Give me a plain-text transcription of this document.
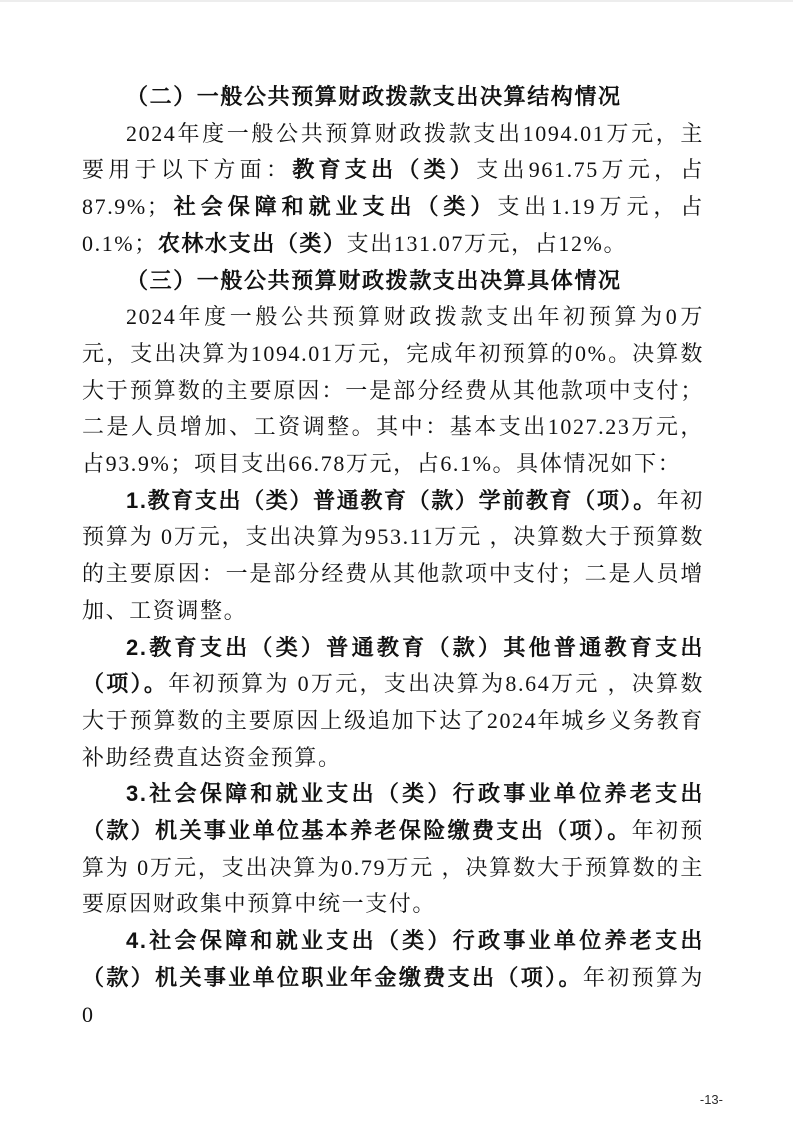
（二）一般公共预算财政拨款支出决算结构情况

2024年度一般公共预算财政拨款支出1094.01万元，主要用于以下方面：教育支出（类）支出961.75万元，占87.9%；社会保障和就业支出（类）支出1.19万元，占0.1%；农林水支出（类）支出131.07万元，占12%。

（三）一般公共预算财政拨款支出决算具体情况

2024年度一般公共预算财政拨款支出年初预算为0万元，支出决算为1094.01万元，完成年初预算的0%。决算数大于预算数的主要原因：一是部分经费从其他款项中支付；二是人员增加、工资调整。其中：基本支出1027.23万元，占93.9%；项目支出66.78万元，占6.1%。具体情况如下：

1.教育支出（类）普通教育（款）学前教育（项）。年初预算为 0万元，支出决算为953.11万元 ，决算数大于预算数的主要原因：一是部分经费从其他款项中支付；二是人员增加、工资调整。

2.教育支出（类）普通教育（款）其他普通教育支出（项）。年初预算为 0万元，支出决算为8.64万元 ，决算数大于预算数的主要原因上级追加下达了2024年城乡义务教育补助经费直达资金预算。

3.社会保障和就业支出（类）行政事业单位养老支出（款）机关事业单位基本养老保险缴费支出（项）。年初预算为 0万元，支出决算为0.79万元 ，决算数大于预算数的主要原因财政集中预算中统一支付。

4.社会保障和就业支出（类）行政事业单位养老支出（款）机关事业单位职业年金缴费支出（项）。年初预算为 0

-13-
